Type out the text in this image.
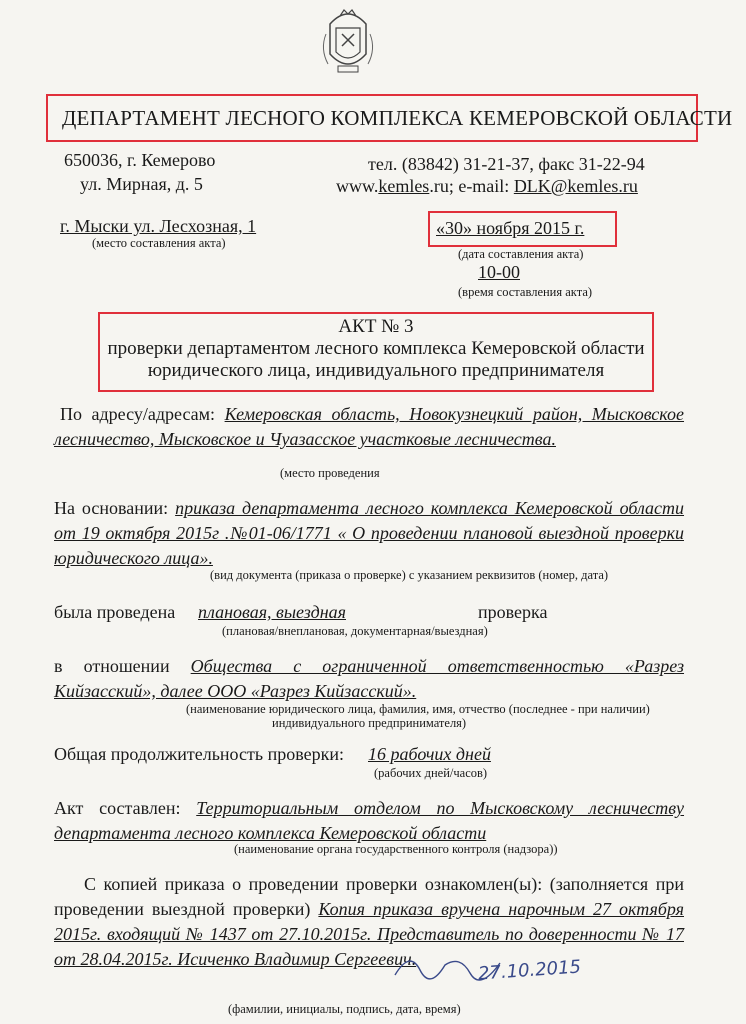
ДЕПАРТАМЕНТ ЛЕСНОГО КОМПЛЕКСА КЕМЕРОВСКОЙ ОБЛАСТИ
650036, г. Кемерово
ул. Мирная, д. 5
тел. (83842) 31-21-37, факс 31-22-94
www.kemles.ru; e-mail: DLK@kemles.ru
г. Мыски ул. Лесхозная, 1
(место составления акта)
«30» ноября 2015 г.
(дата составления акта)
10-00
(время составления акта)
АКТ № 3
проверки департаментом лесного комплекса Кемеровской области
юридического лица, индивидуального предпринимателя
По адресу/адресам: Кемеровская область, Новокузнецкий район, Мысковское лесничество, Мысковское и Чуазасское участковые лесничества.
(место проведения
На основании: приказа департамента лесного комплекса Кемеровской области от 19 октября 2015г .№01-06/1771 « О проведении плановой выездной проверки юридического лица».
(вид документа (приказа о проверке) с указанием реквизитов (номер, дата)
была проведена плановая, выездная	проверка
(плановая/внеплановая, документарная/выездная)
в отношении Общества с ограниченной ответственностью «Разрез Кийзасский», далее ООО «Разрез Кийзасский».
(наименование юридического лица, фамилия, имя, отчество (последнее - при наличии)
индивидуального предпринимателя)
Общая продолжительность проверки: 16 рабочих дней
(рабочих дней/часов)
Акт составлен: Территориальным отделом по Мысковскому лесничеству департамента лесного комплекса Кемеровской области
(наименование органа государственного контроля (надзора))
С копией приказа о проведении проверки ознакомлен(ы): (заполняется при проведении выездной проверки) Копия приказа вручена нарочным 27 октября 2015г. входящий № 1437 от 27.10.2015г. Представитель по доверенности № 17 от 28.04.2015г. Исиченко Владимир Сергеевич.	27.10.2015
(фамилии, инициалы, подпись, дата, время)
